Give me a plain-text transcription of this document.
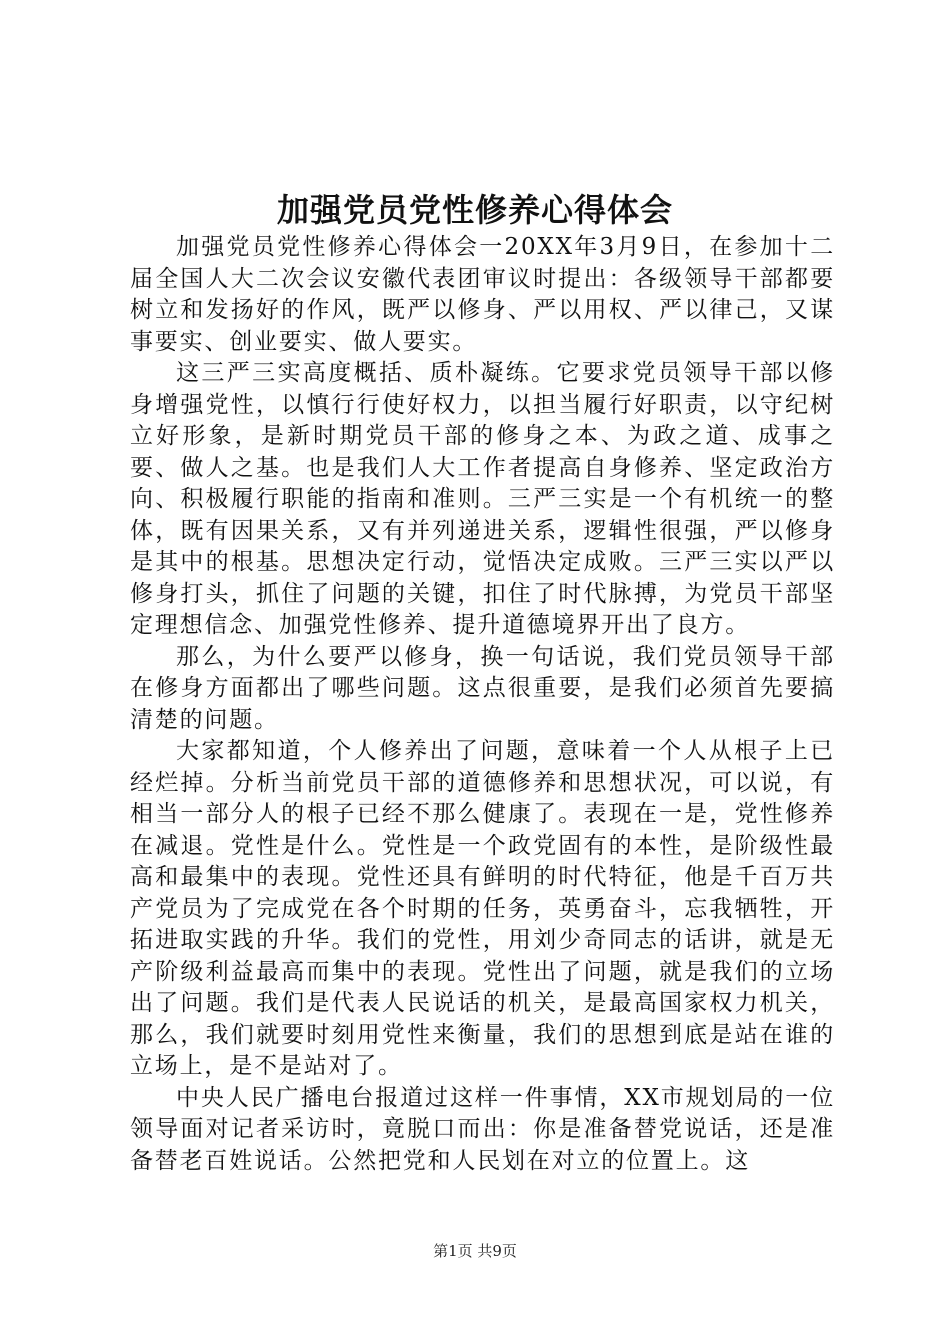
加强党员党性修养心得体会

加强党员党性修养心得体会一20XX年3月9日，在参加十二届全国人大二次会议安徽代表团审议时提出：各级领导干部都要树立和发扬好的作风，既严以修身、严以用权、严以律己，又谋事要实、创业要实、做人要实。

这三严三实高度概括、质朴凝练。它要求党员领导干部以修身增强党性，以慎行行使好权力，以担当履行好职责，以守纪树立好形象，是新时期党员干部的修身之本、为政之道、成事之要、做人之基。也是我们人大工作者提高自身修养、坚定政治方向、积极履行职能的指南和准则。三严三实是一个有机统一的整体，既有因果关系，又有并列递进关系，逻辑性很强，严以修身是其中的根基。思想决定行动，觉悟决定成败。三严三实以严以修身打头，抓住了问题的关键，扣住了时代脉搏，为党员干部坚定理想信念、加强党性修养、提升道德境界开出了良方。

那么，为什么要严以修身，换一句话说，我们党员领导干部在修身方面都出了哪些问题。这点很重要，是我们必须首先要搞清楚的问题。

大家都知道，个人修养出了问题，意味着一个人从根子上已经烂掉。分析当前党员干部的道德修养和思想状况，可以说，有相当一部分人的根子已经不那么健康了。表现在一是，党性修养在减退。党性是什么。党性是一个政党固有的本性，是阶级性最高和最集中的表现。党性还具有鲜明的时代特征，他是千百万共产党员为了完成党在各个时期的任务，英勇奋斗，忘我牺牲，开拓进取实践的升华。我们的党性，用刘少奇同志的话讲，就是无产阶级利益最高而集中的表现。党性出了问题，就是我们的立场出了问题。我们是代表人民说话的机关，是最高国家权力机关，那么，我们就要时刻用党性来衡量，我们的思想到底是站在谁的立场上，是不是站对了。

中央人民广播电台报道过这样一件事情，XX市规划局的一位领导面对记者采访时，竟脱口而出：你是准备替党说话，还是准备替老百姓说话。公然把党和人民划在对立的位置上。这

第1页 共9页
